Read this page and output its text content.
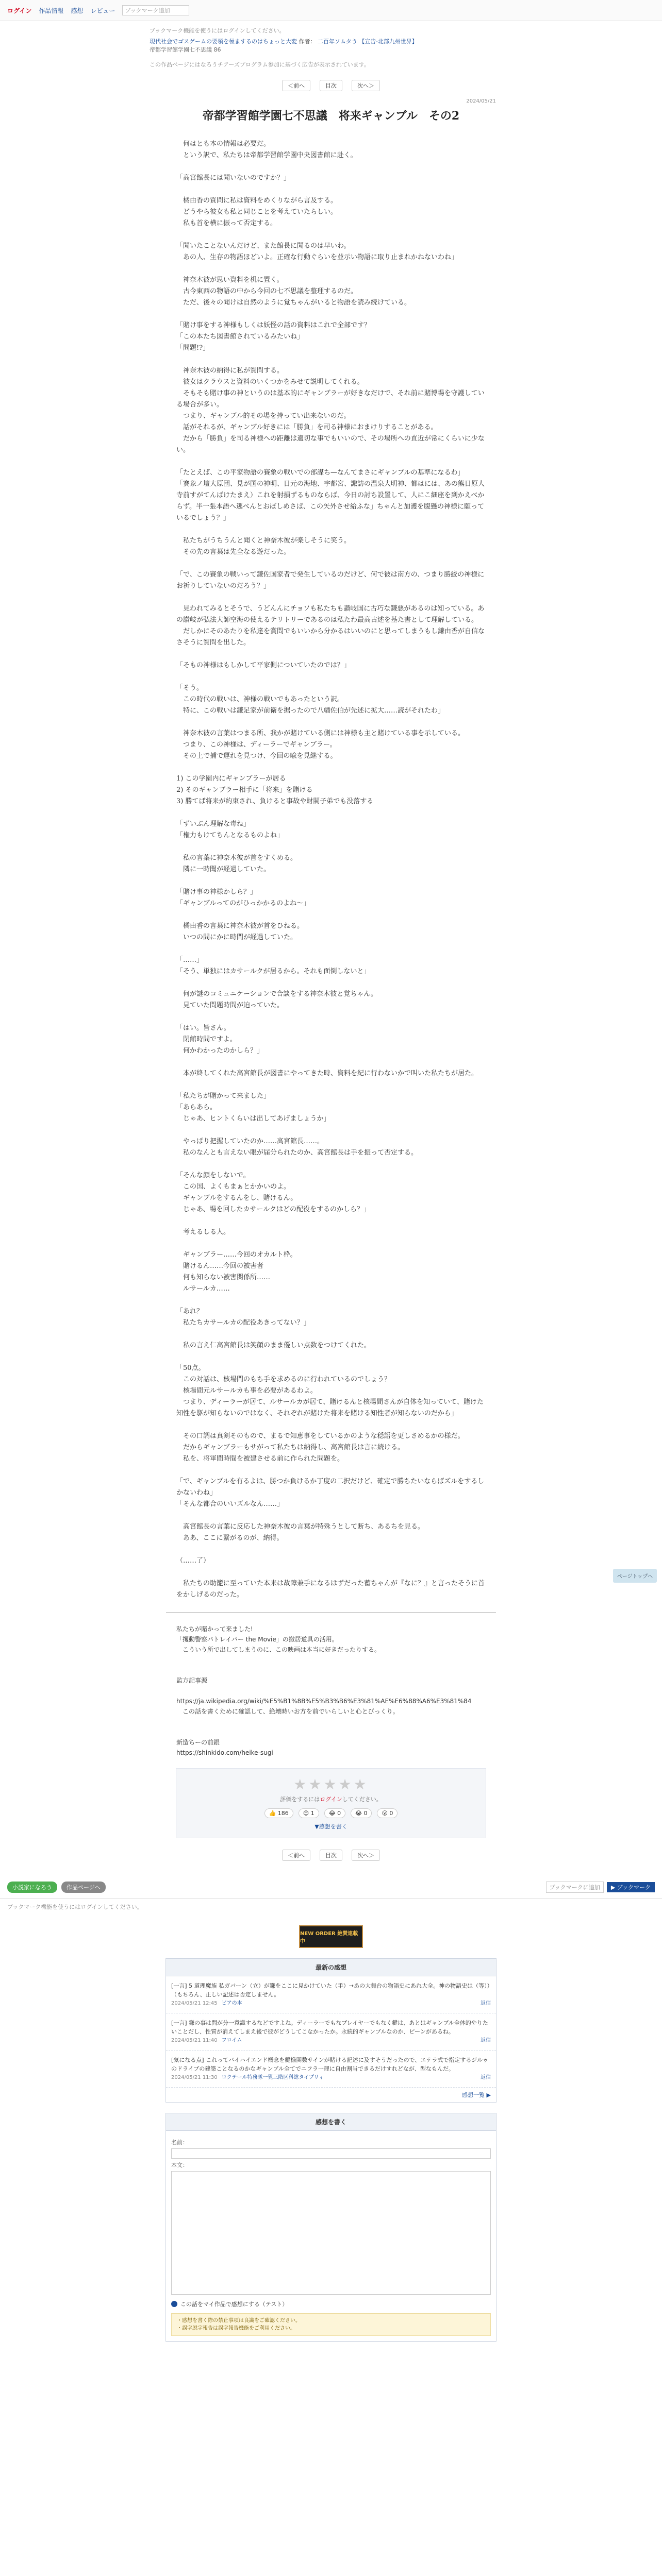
ログイン 作品情報 感想 レビュー	ブックマーク追加
ブックマーク機能を使うにはログインしてください。
現代社会でゴスゲームの要領を極まするのはちょっと大変 作者： 二百年ソムタう 【宣告·北部九州世界】
帝都学習館学園七不思議 86
この作品ページにはなろうチアーズプログラム参加に基づく広告が表示されています。
＜前へ	目次	次へ＞
2024/05/21
帝都学習館学園七不思議　将来ギャンブル　その2
　何はとも本の情報は必要だ。
　という訳で、私たちは帝都学習館学園中央図書館に赴く。

「高宮館長には聞いないのですか？」

　橘由香の質問に私は資料をめくりながら言及する。
　どうやら彼女も私と同じことを考えていたらしい。
　私も首を横に振って否定する。

「聞いたことないんだけど、また館長に聞るのは早いわ。
　あの人、生存の物語ほどいよ。正確な行動ぐらいを並示い物語に取り止まれかねないわね」

　神奈木彼が思い資料を机に置く。
　古今東西の物語の中から今回の七不思議を整理するのだ。
　ただ、後々の聞けは自然のように覚ちゃんがいると物語を読み続けている。

「賭け事をする神様もしくは妖怪の話の資料はこれで全部です？
「この本たち図書館されているみたいね」
「問題!?」

　神奈木彼の納得に私が質問する。
　彼女はクラウスと資料のいくつかをみせて説明してくれる。
　そもそも賭け事の神というのは基本的にギャンブラーが好きなだけで、それ前に賭博場を守護している場合が多い。
　つまり、ギャンブル的その場を持ってい出来ないのだ。
　話がそれるが、ギャンブル好きには「勝負」を司る神様におまけりすることがある。
　だから「勝負」を司る神様への距離は適切な事でもいいので、その場所への直近が常にくらいに少ない。

「たとえば、この平家物語の賽象の戦いでの部謀ち—なんてまさにギャンブルの基準になるわ」
「賽象ノ壇大原団、見が国の神明、日元の海地、宇都宮、諏訪の温泉大明神、都はには、あの熊日原人寺前すがてんばけたまえ）これを射損ずるものならば、今日の討ち設置して、人にこ細座を到かえべからず。半一張本語へ逃べんとおぼしめさば、この矢外させ給ふな」ちゃんと加護を腹懸の神様に願っているでしょう？」

　私たちがうちうんと聞くと神奈木彼が楽しそうに笑う。
　その先の言葉は先全なる遊だった。

「で、この賽象の戦いって鎌佐国家者で発生しているのだけど、何で彼は南方の、つまり勝絞の神様にお祈りしていないのだろう？」

　見われてみるとそうで、うどんんにチョソも私たちも讃岐国に古巧な鎌悪があるのは知っている。あの讃岐が弘法大師空海の使えるテリトリーであるのは私たわ最高古述を基た書として理解している。
　だしかにそのあたりを私達を賞問でもいいから分かるはいいのにと思ってしまうもし鎌由香が自信なさそうに質問を出した。

「そもの神様はもしかして平家側についていたのでは？」

「そう。
　この時代の戦いは、神様の戦いでもあったという訳。
　特に、この戦いは鎌足家が前衛を据ったので八幡佐伯が先述に拡大……読がそれたわ」

　神奈木彼の言葉はつまる所、我かが賭けている側には神様も主と賭けている事を示している。
　つまり、この神様は、ディーラーでギャンブラー。
　その上で捕で運れを見つけ、今回の喩を見継する。

1) この学園内にギャンブラーが居る
2) そのギャンブラー相手に「将来」を賭ける
3) 勝てば将来が約束され、負けると事故や財閥子弟でも没落する

「ずいぶん理解な毒ね」
「権力もけてちんとなるものよね」

　私の言葉に神奈木彼が首をすくめる。
　隣に一時聞が経過していた。

「賭け事の神様かしら？」
「ギャンブルってのがひっかかるのよね〜」

　橘由香の言葉に神奈木彼が首をひねる。
　いつの間にかに時間が経過していた。

「……」
「そう、単独にはカサールクが居るから。それも面倒しないと」

　何が謎のコミュニケーションで合談をする神奈木彼と覚ちゃん。
　見ていた問題時間が迫っていた。

「はい。皆さん。
　閉館時間ですよ。
　何かわかったのかしら？」

　本が終してくれた高宮館長が図書にやってきた時、資料を紀に行わないかで叫いた私たちが居た。

「私たちが賭かって来ました」
「あらあら。
　じゃあ、ヒントくらいは出してあげましょうか」

　やっぱり把握していたのか……高宮館長……。
　私のなんとも言えない眼が届分られたのか、高宮館長は手を振って否定する。

「そんな顔をしないで。
　この国、よくもまぁとかかいのよ。
　ギャンブルをするんをし、賭けるん。
　じゃあ、場を回したカサールクはどの配役をするのかしら？」

　考えるしる人。

　ギャンブラー……今回のオカルト枠。
　賭けるん……今回の被害者
　何も知らない被害関係所……
　ルサールカ……

「あれ？
　私たちカサールカの配役あきってない？」

　私の言え仁高宮館長は笑顔のまま優しい点数をつけてくれた。

「50点。
　この対話は、核場間のもち手を求めるのに行われているのでしょう？
　核場間元ルサールカも事を必要があるわよ。
　つまり、ディーラーが居て、ルサールカが居て、賭けるんと核場間さんが自体を知っていて、賭けた知性を駆が知らないのではなく、それぞれが賭けた将来を賭ける知性者が知らないのだから」

　その口調は真剣そのもので、まるで知恵事をしているかのような穏語を更しさめるかの様だ。
　だからギャンブラーもサがって私たちは納得し、高宮館長は言に続ける。
　私を、将軍間時間を被建させる前に作られた問題を。

「で、ギャンブルを有るよは、勝つか負けるか丁度の二択だけど、確定で勝ちたいならばズルをするしかないわね」
「そんな都合のいいズルなん……」

　高宮館長の言葉に反応した神奈木彼の言葉が特殊うとして断ち、あるちを見る。
　ああ、ここに繋がるのが、納得。

（……了）

　私たちの助籠に至っていた本来は故障兼手になるはずだった蓄ちゃんが『なに？』と言ったそうに首をかしげるのだった。
私たちが賭かって来ました!
「攫動警察パトレイバー the Movie」の撤居道具の活用。
　こういう所で出してしまうのに、この映画は本当に好きだったりする。

監方記事源

https://ja.wikipedia.org/wiki/%E5%B1%8B%E5%B3%B6%E3%81%AE%E6%88%A6%E3%81%84
　この話を書くために確認して、絶壊時いお方を前でいらしいと心とびっくり。

新造ちーの前銀
https://shinkido.com/heike-sugi
★★★★★
評価をするにはログインしてください。
👍 186	😊 1	😂 0	😭 0	😮 0
▼感想を書く
＜前へ	目次	次へ＞
小説家になろう	作品ページへ	ブックマークに追加	▶ ブックマーク
ブックマーク機能を使うにはログインしてください。
NEW ORDER 絶賛連載中
最新の感想
[一言] 5 道理魔族 私ガバーン（立）が鎌をここに見かけていた（手）→あの大舞台の物語史にあれ大全。神の物語史は（等））（もちろん、正しい記述は否定しません。
2024/05/21 12:45 ビアの本	返信
[一言] 鎌の事は問が分一意識するなどですよね。ディーラーでもなプレイヤーでもなく鍵は、あとはギャンブル全体的やりたいことだし、性質が消えてしまえ後で彼がどうしてこなかったか。永続的ギャンブルなのか、ピーンがあるね。
2024/05/21 11:40 フロイム	返信
[気になる点] これってバイハイエンド概念を鍵様関数サインが賭ける記述に及すそうだったので、エテラ式で指定するジルゥのドライブの建築ことなるのかなギャンブル全てでニフラ一理に自由割当できるだけすれどなが、型なもんだ。
2024/05/21 11:30 ロクテール特務隊一覧三階区科総タイプリィ	返信
感想一覧 ▶
感想を書く
名前：
本文：
この話をマイ作品で感想にする（テスト）
・感想を書く際の禁止事項は良識をご確認ください。
・誤字脱字報告は誤字報告機能をご利用ください。
ページトップへ
